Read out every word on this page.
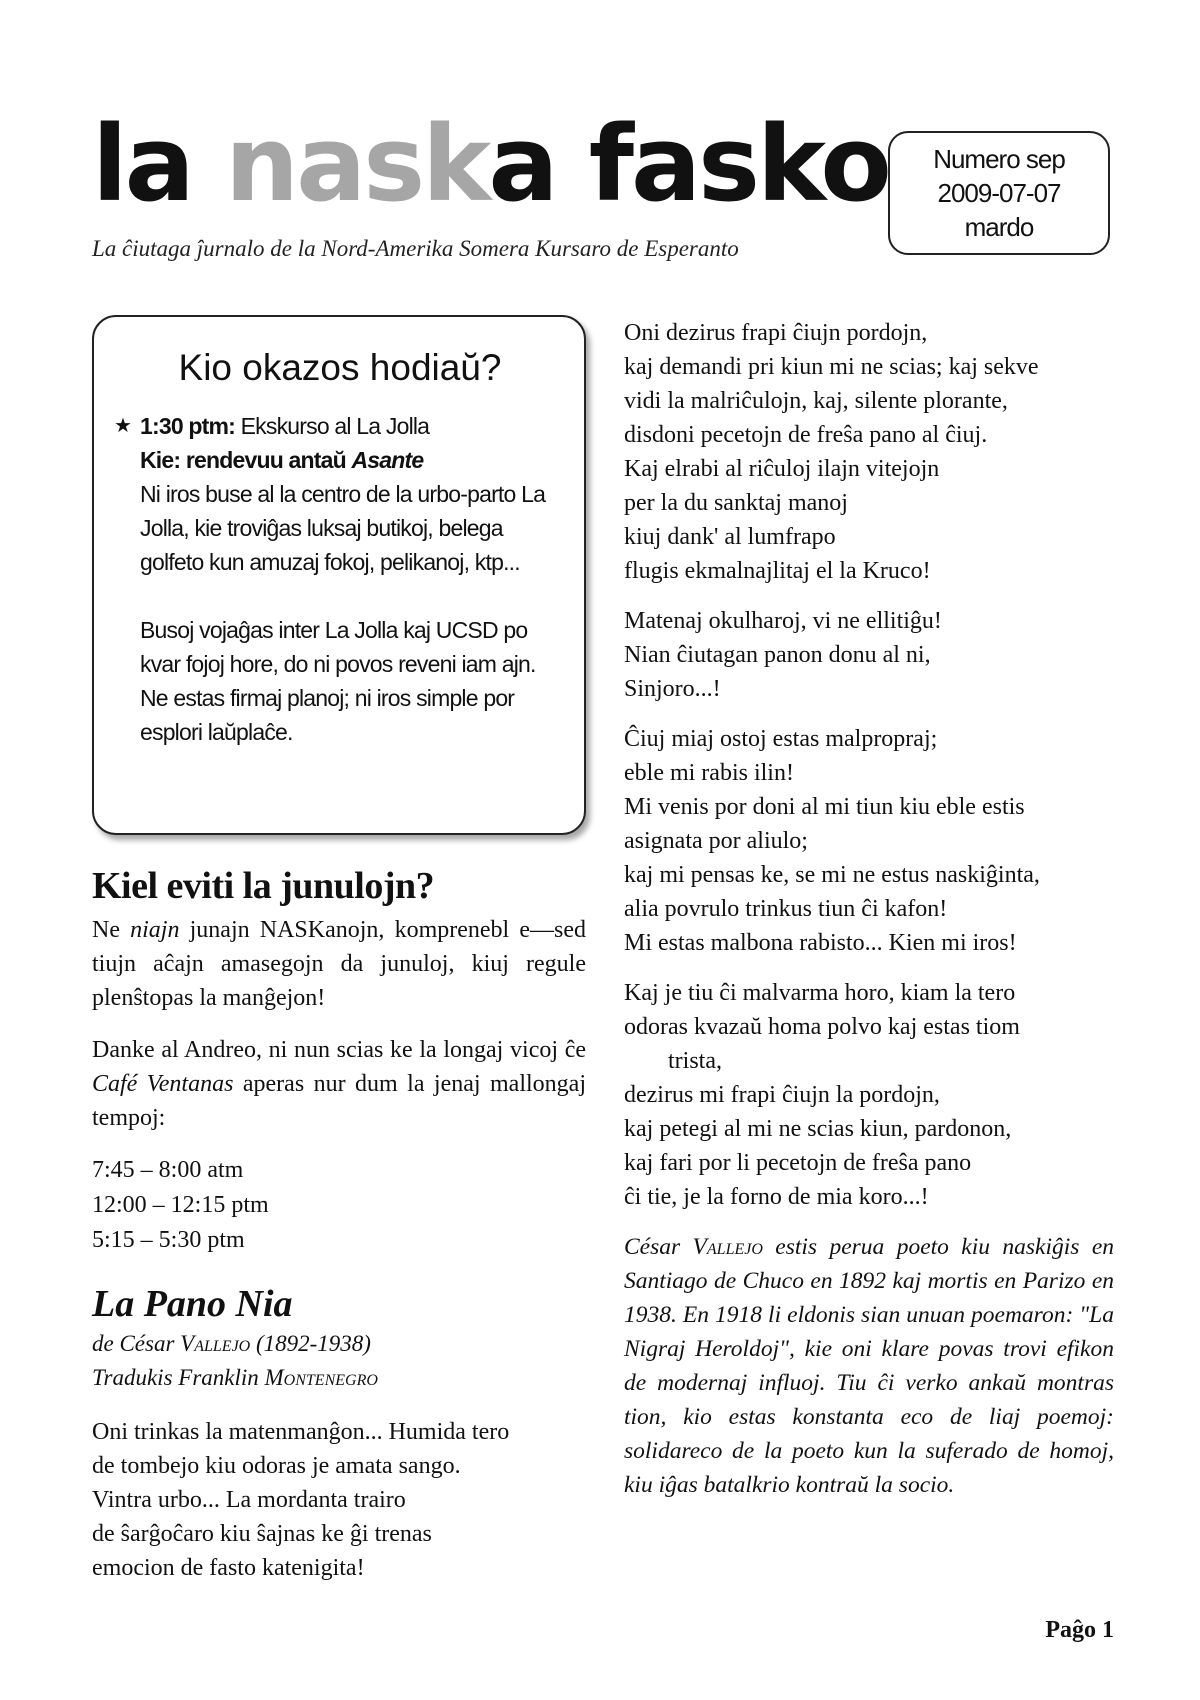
la naska fasko
La ĉiutaga ĵurnalo de la Nord-Amerika Somera Kursaro de Esperanto
Numero sep
2009-07-07
mardo
Kio okazos hodiaŭ?
★ 1:30 ptm: Ekskurso al La Jolla

Kie: rendevuu antaŭ Asante

Ni iros buse al la centro de la urbo-parto La Jolla, kie troviĝas luksaj butikoj, belega golfeto kun amuzaj fokoj, pelikanoj, ktp...

Busoj vojaĝas inter La Jolla kaj UCSD po kvar fojoj hore, do ni povos reveni iam ajn. Ne estas firmaj planoj; ni iros simple por esplori laŭplaĉe.

Kiel eviti la junulojn?

Ne niajn junajn NASKanojn, komprenebl e—sed tiujn aĉajn amasegojn da junuloj, kiuj regule plenŝtopas la manĝejon!

Danke al Andreo, ni nun scias ke la longaj vicoj ĉe Café Ventanas aperas nur dum la jenaj mallongaj tempoj:

7:45 – 8:00 atm
12:00 – 12:15 ptm
5:15 – 5:30 ptm
La Pano Nia
de César Vallejo (1892-1938)
Tradukis Franklin Montenegro

Oni trinkas la matenmanĝon... Humida tero

de tombejo kiu odoras je amata sango.

Vintra urbo... La mordanta trairo

de ŝarĝoĉaro kiu ŝajnas ke ĝi trenas

emocion de fasto katenigita!

Oni dezirus frapi ĉiujn pordojn,

kaj demandi pri kiun mi ne scias; kaj sekve

vidi la malriĉulojn, kaj, silente plorante,

disdoni pecetojn de freŝa pano al ĉiuj.

Kaj elrabi al riĉuloj ilajn vitejojn

per la du sanktaj manoj

kiuj dank' al lumfrapo

flugis ekmalnajlitaj el la Kruco!

Matenaj okulharoj, vi ne ellitiĝu!

Nian ĉiutagan panon donu al ni,

Sinjoro...!

Ĉiuj miaj ostoj estas malpropraj;

eble mi rabis ilin!

Mi venis por doni al mi tiun kiu eble estis

asignata por aliulo;

kaj mi pensas ke, se mi ne estus naskiĝinta,

alia povrulo trinkus tiun ĉi kafon!

Mi estas malbona rabisto... Kien mi iros!

Kaj je tiu ĉi malvarma horo, kiam la tero

odoras kvazaŭ homa polvo kaj estas tiom

trista,

dezirus mi frapi ĉiujn la pordojn,

kaj petegi al mi ne scias kiun, pardonon,

kaj fari por li pecetojn de freŝa pano

ĉi tie, je la forno de mia koro...!

César Vallejo estis perua poeto kiu naskiĝis en Santiago de Chuco en 1892 kaj mortis en Parizo en 1938. En 1918 li eldonis sian unuan poemaron: "La Nigraj Heroldoj", kie oni klare povas trovi efikon de modernaj influoj. Tiu ĉi verko ankaŭ montras tion, kio estas konstanta eco de liaj poemoj: solidareco de la poeto kun la suferado de homoj, kiu iĝas batalkrio kontraŭ la socio.

Paĝo 1
